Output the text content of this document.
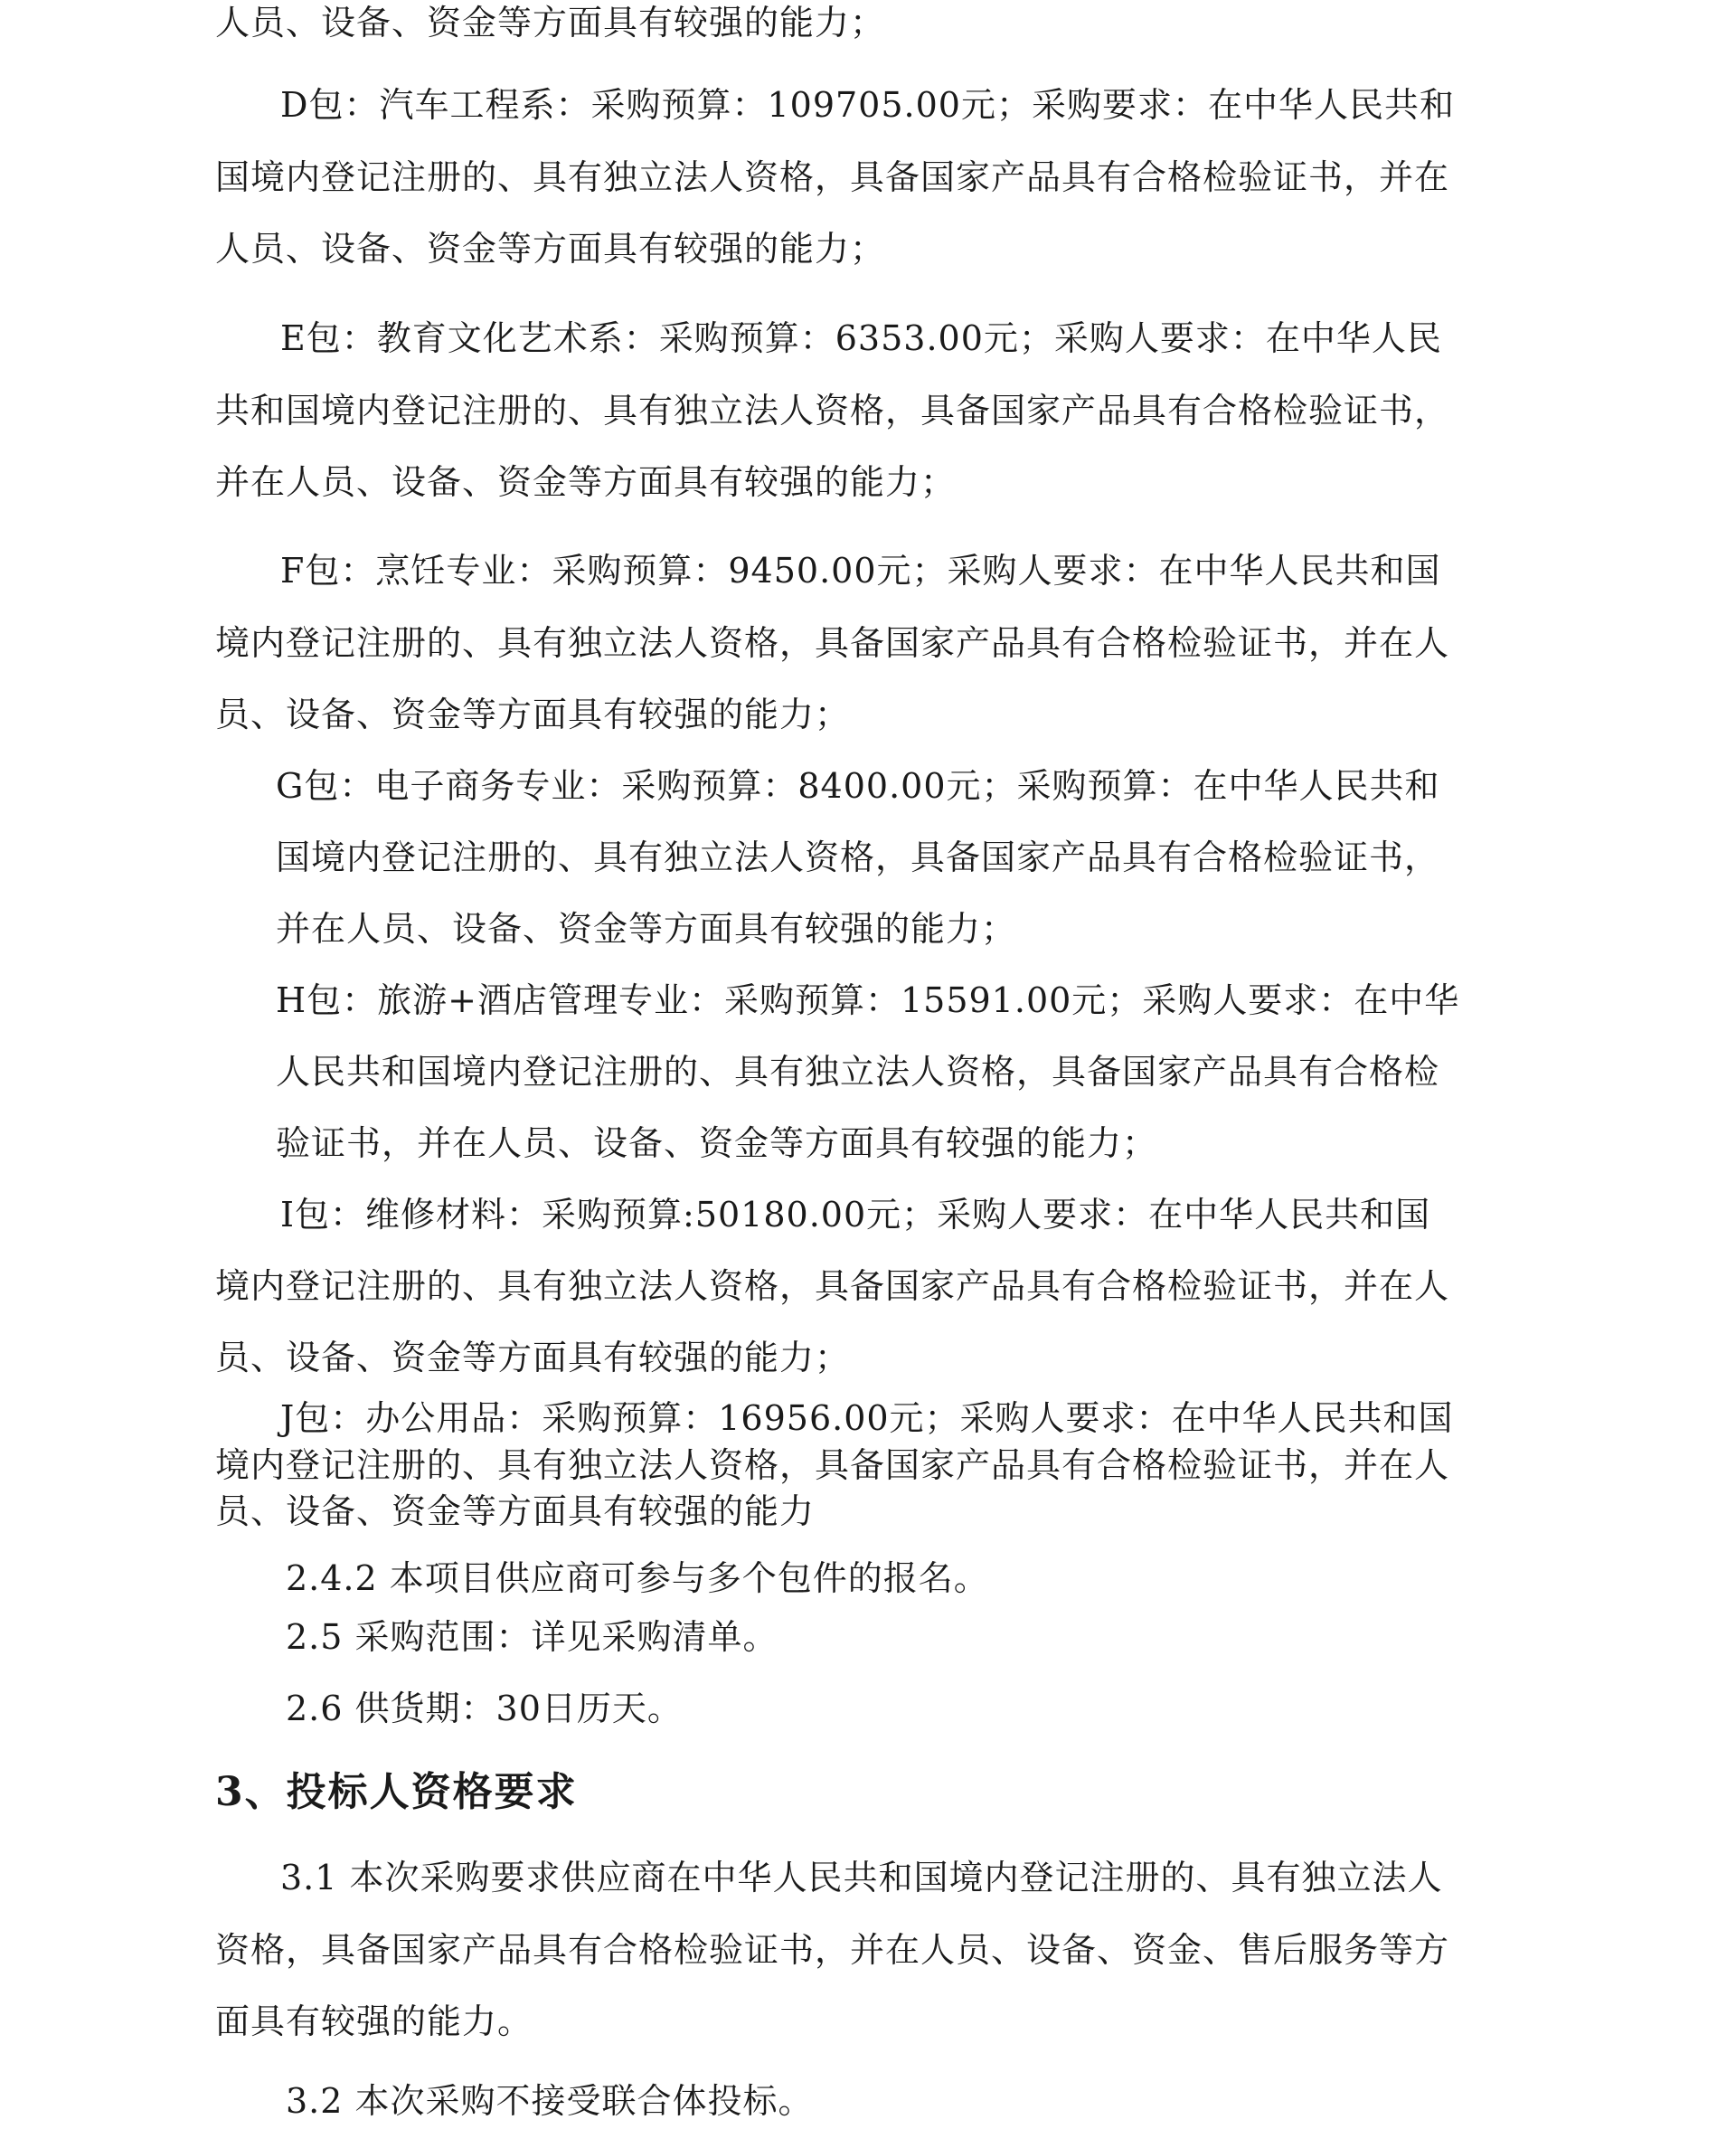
人员、设备、资金等方面具有较强的能力；

D包：汽车工程系：采购预算：109705.00元；采购要求：在中华人民共和

国境内登记注册的、具有独立法人资格，具备国家产品具有合格检验证书，并在

人员、设备、资金等方面具有较强的能力；

E包：教育文化艺术系：采购预算：6353.00元；采购人要求：在中华人民

共和国境内登记注册的、具有独立法人资格，具备国家产品具有合格检验证书，

并在人员、设备、资金等方面具有较强的能力；

F包：烹饪专业：采购预算：9450.00元；采购人要求：在中华人民共和国

境内登记注册的、具有独立法人资格，具备国家产品具有合格检验证书，并在人

员、设备、资金等方面具有较强的能力；

G包：电子商务专业：采购预算：8400.00元；采购预算：在中华人民共和

国境内登记注册的、具有独立法人资格，具备国家产品具有合格检验证书，

并在人员、设备、资金等方面具有较强的能力；

H包：旅游+酒店管理专业：采购预算：15591.00元；采购人要求：在中华

人民共和国境内登记注册的、具有独立法人资格，具备国家产品具有合格检

验证书，并在人员、设备、资金等方面具有较强的能力；

I包：维修材料：采购预算:50180.00元；采购人要求：在中华人民共和国

境内登记注册的、具有独立法人资格，具备国家产品具有合格检验证书，并在人

员、设备、资金等方面具有较强的能力；

J包：办公用品：采购预算：16956.00元；采购人要求：在中华人民共和国

境内登记注册的、具有独立法人资格，具备国家产品具有合格检验证书，并在人

员、设备、资金等方面具有较强的能力

2.4.2 本项目供应商可参与多个包件的报名。

2.5 采购范围：详见采购清单。

2.6 供货期：30日历天。

3、投标人资格要求

3.1 本次采购要求供应商在中华人民共和国境内登记注册的、具有独立法人

资格，具备国家产品具有合格检验证书，并在人员、设备、资金、售后服务等方

面具有较强的能力。

3.2 本次采购不接受联合体投标。
